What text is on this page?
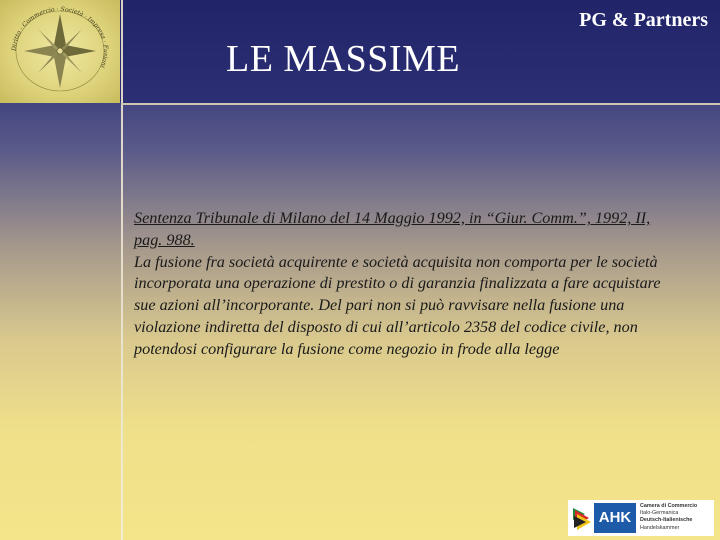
Diritto · Commercio · Società · Impresa · Fusioni
PG & Partners
LE MASSIME
Sentenza Tribunale di Milano del 14 Maggio 1992, in “Giur. Comm.”, 1992, II, pag. 988.
La fusione fra società acquirente e società acquisita non comporta per le società incorporata una operazione di prestito o di garanzia finalizzata a fare acquistare sue azioni all’incorporante. Del pari non si può ravvisare nella fusione una violazione indiretta del disposto di cui all’articolo 2358 del codice civile, non potendosi configurare la fusione come negozio in frode alla legge
AHK
Camera di Commercio
Italo-Germanica
Deutsch-Italienische
Handelskammer
